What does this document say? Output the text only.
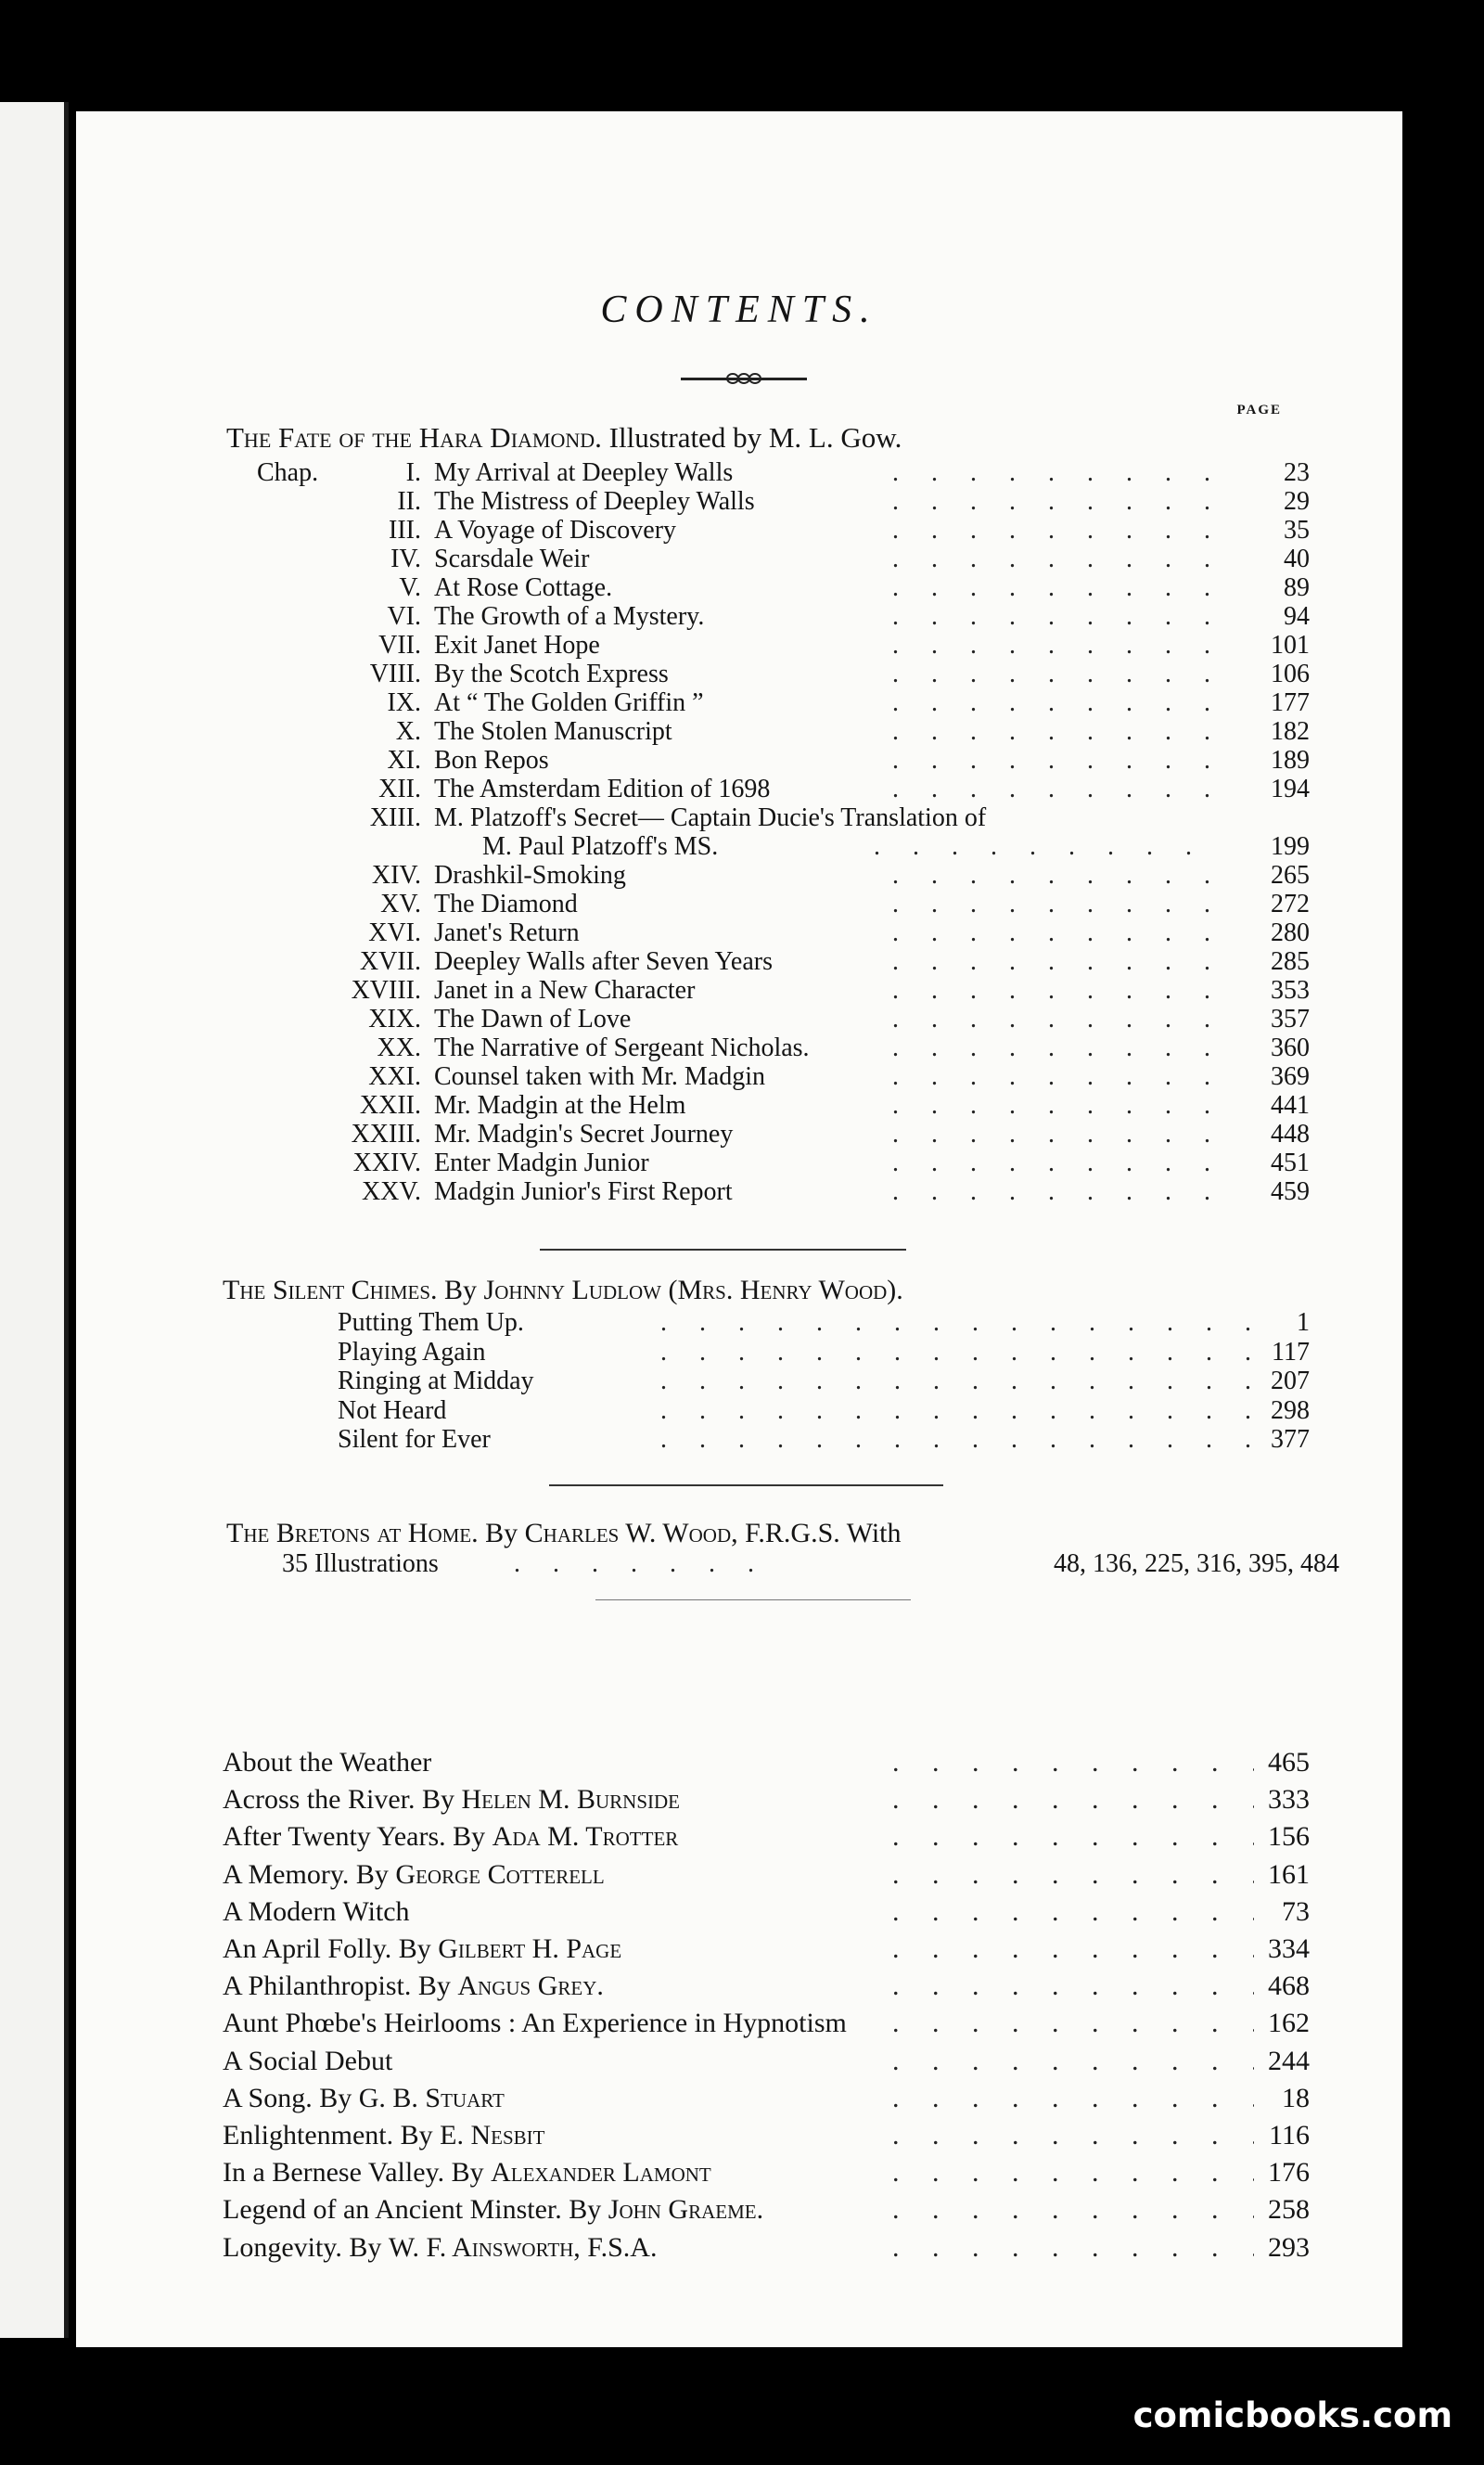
CONTENTS.
PAGE
The Fate of the Hara Diamond. Illustrated by M. L. Gow.
Chap.	I. My Arrival at Deepley Walls . . .	23
II. The Mistress of Deepley Walls . . .	29
III. A Voyage of Discovery . . .	35
IV. Scarsdale Weir . . .	40
V. At Rose Cottage. . . .	89
VI. The Growth of a Mystery. . . .	94
VII. Exit Janet Hope . . .	101
VIII. By the Scotch Express . . .	106
IX. At “ The Golden Griffin ” . . .	177
X. The Stolen Manuscript . . .	182
XI. Bon Repos . . .	189
XII. The Amsterdam Edition of 1698 . . .	194
XIII. M. Platzoff's Secret— Captain Ducie's Translation of
M. Paul Platzoff's MS. . . .	199
XIV. Drashkil-Smoking . . .	265
XV. The Diamond . . .	272
XVI. Janet's Return . . .	280
XVII. Deepley Walls after Seven Years . . .	285
XVIII. Janet in a New Character . . .	353
XIX. The Dawn of Love . . .	357
XX. The Narrative of Sergeant Nicholas. . . .	360
XXI. Counsel taken with Mr. Madgin . . .	369
XXII. Mr. Madgin at the Helm . . .	441
XXIII. Mr. Madgin's Secret Journey . . .	448
XXIV. Enter Madgin Junior . . .	451
XXV. Madgin Junior's First Report . . .	459
The Silent Chimes. By Johnny Ludlow (Mrs. Henry Wood).
Putting Them Up. . . .	1
Playing Again . . .	117
Ringing at Midday . . .	207
Not Heard . . .	298
Silent for Ever . . .	377
The Bretons at Home. By Charles W. Wood, F.R.G.S. With
35 Illustrations . . .	48, 136, 225, 316, 395, 484
About the Weather . . .	465
Across the River. By Helen M. Burnside . . .	333
After Twenty Years. By Ada M. Trotter . . .	156
A Memory. By George Cotterell . . .	161
A Modern Witch . . .	73
An April Folly. By Gilbert H. Page . . .	334
A Philanthropist. By Angus Grey. . . .	468
Aunt Phœbe's Heirlooms : An Experience in Hypnotism . . .	162
A Social Debut . . .	244
A Song. By G. B. Stuart . . .	18
Enlightenment. By E. Nesbit . . .	116
In a Bernese Valley. By Alexander Lamont . . .	176
Legend of an Ancient Minster. By John Graeme. . . .	258
Longevity. By W. F. Ainsworth, F.S.A. . . .	293
comicbooks.com
